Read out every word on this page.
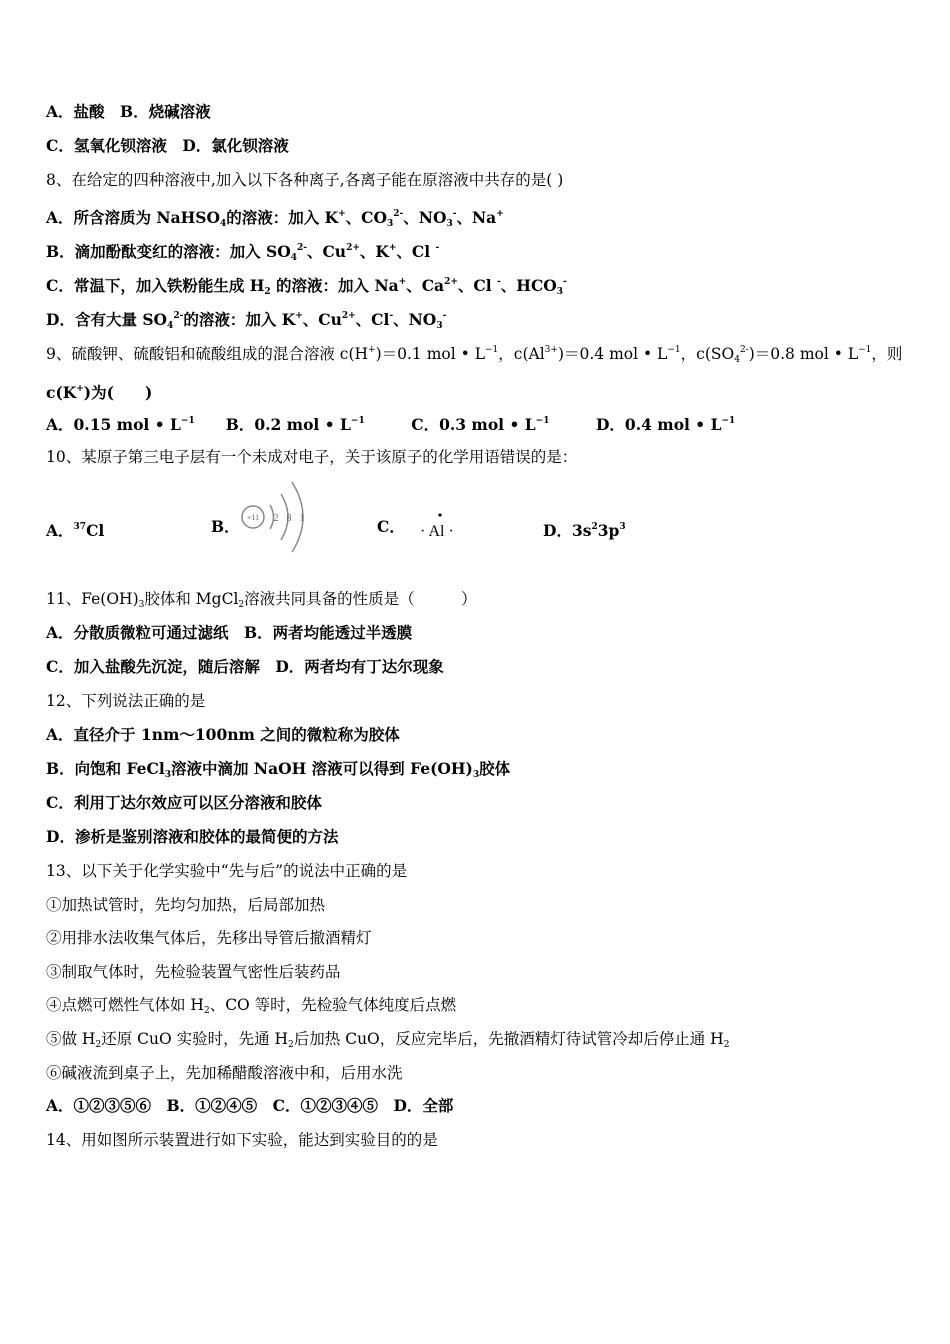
A．盐酸　B．烧碱溶液
C．氢氧化钡溶液　D．氯化钡溶液
8、在给定的四种溶液中,加入以下各种离子,各离子能在原溶液中共存的是( )
A．所含溶质为 NaHSO$_4$的溶液：加入 K+、$CO_3^{2-}$、$NO_3^-$、Na+
B．滴加酚酞变红的溶液：加入 $SO_4^{2-}$、$Cu^{2+}$、K+、Cl -
C．常温下，加入铁粉能生成 $H_2$ 的溶液：加入 Na+、$Ca^{2+}$、Cl -、$HCO_3^-$
D．含有大量 $SO_4^{2-}$的溶液：加入 K+、$Cu^{2+}$、Cl-、$NO_3^-$
9、硫酸钾、硫酸铝和硫酸组成的混合溶液 c(H+)＝0.1 mol • $L^{-1}$，$c(Al^{3+})=0.4$ mol • $L^{-1}$，$c(SO_4^{2-})=0.8$ mol • $L^{-1}$，则
c(K+)为(　　)
A．0.15 mol • $L^{-1}$　　B．0.2 mol • $L^{-1}$　　　C．0.3 mol • $L^{-1}$　　　D．0.4 mol • $L^{-1}$
10、某原子第三电子层有一个未成对电子，关于该原子的化学用语错误的是：
11、$Fe(OH)_3$胶体和 MgCl$_2$溶液共同具备的性质是（　　　）
A．分散质微粒可通过滤纸　B．两者均能透过半透膜
C．加入盐酸先沉淀，随后溶解　D．两者均有丁达尔现象
12、下列说法正确的是
A．直径介于 1nm～100nm 之间的微粒称为胶体
B．向饱和 FeCl$_3$溶液中滴加 NaOH 溶液可以得到 $Fe(OH)_3$胶体
C．利用丁达尔效应可以区分溶液和胶体
D．渗析是鉴别溶液和胶体的最简便的方法
13、以下关于化学实验中“先与后”的说法中正确的是
①加热试管时，先均匀加热，后局部加热
②用排水法收集气体后，先移出导管后撤酒精灯
③制取气体时，先检验装置气密性后装药品
④点燃可燃性气体如 $H_2$、CO 等时，先检验气体纯度后点燃
⑤做 $H_2$还原 CuO 实验时，先通 $H_2$后加热 CuO，反应完毕后，先撤酒精灯待试管冷却后停止通 $H_2$
⑥碱液流到桌子上，先加稀醋酸溶液中和，后用水洗
A．①②③⑤⑥　B．①②④⑤　C．①②③④⑤　D．全部
14、用如图所示装置进行如下实验，能达到实验目的的是
A．$^{37}$Cl	B． +11 2 8 1	C． · Al ·	D．$3s^23p^3$
